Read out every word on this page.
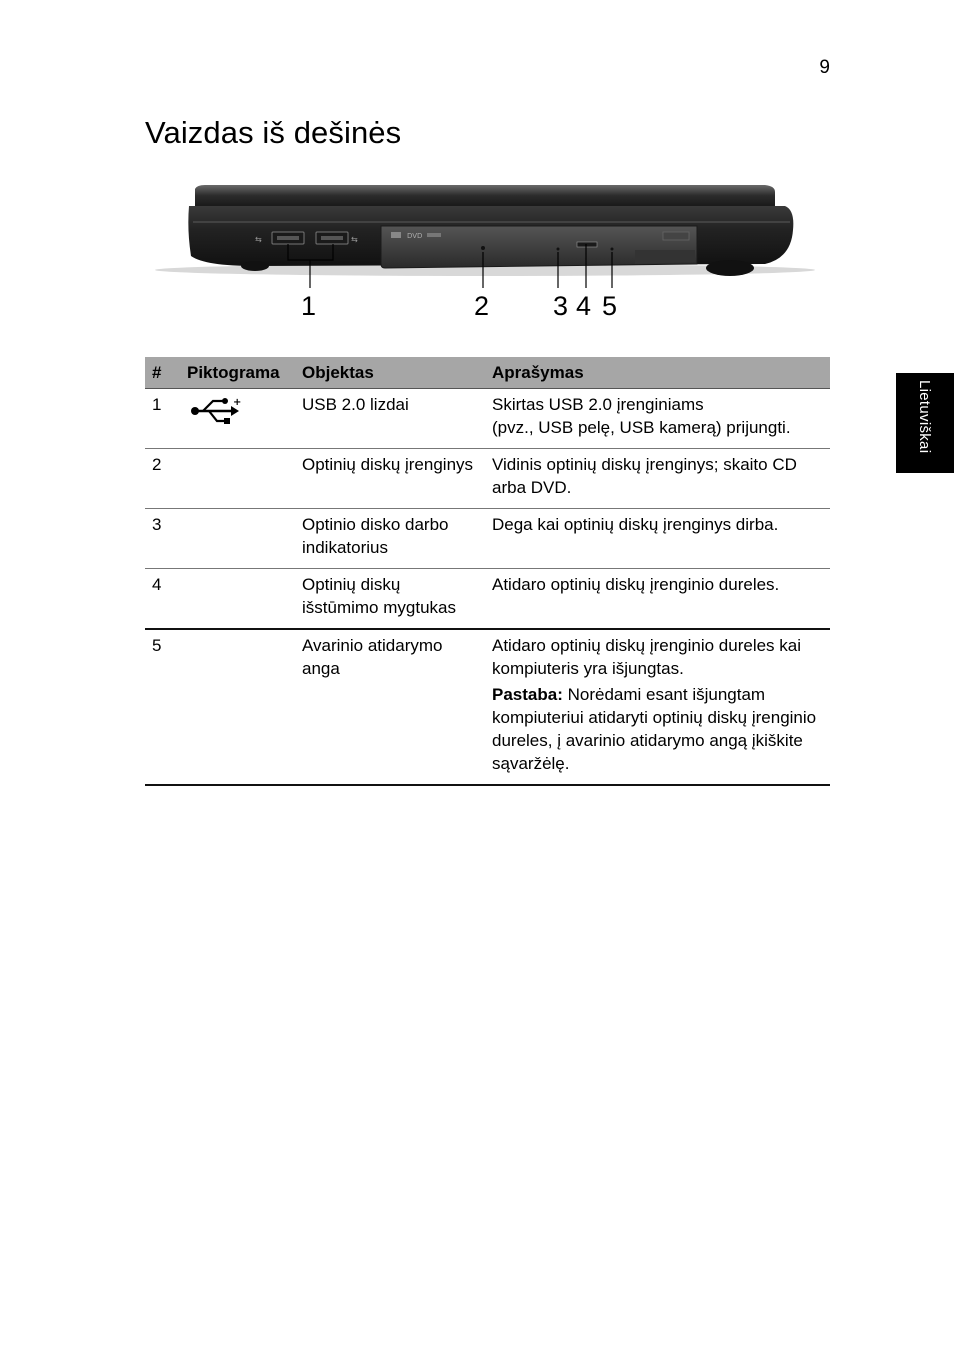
9
Vaizdas iš dešinės
Lietuviškai
⇆	⇆	DVD
1	2 3 4 5
#	Piktograma	Objektas	Aprašymas
1	+	USB 2.0 lizdai	Skirtas USB 2.0 įrenginiams
(pvz., USB pelę, USB kamerą) prijungti.

2		Optinių diskų įrenginys	Vidinis optinių diskų įrenginys; skaito CD arba DVD.
3		Optinio disko darbo indikatorius	Dega kai optinių diskų įrenginys dirba.
4		Optinių diskų išstūmimo mygtukas	Atidaro optinių diskų įrenginio dureles.
5		Avarinio atidarymo anga	Atidaro optinių diskų įrenginio dureles kai kompiuteris yra išjungtas.

Pastaba: Norėdami esant išjungtam kompiuteriui atidaryti optinių diskų įrenginio dureles, į avarinio atidarymo angą įkiškite sąvaržėlę.
